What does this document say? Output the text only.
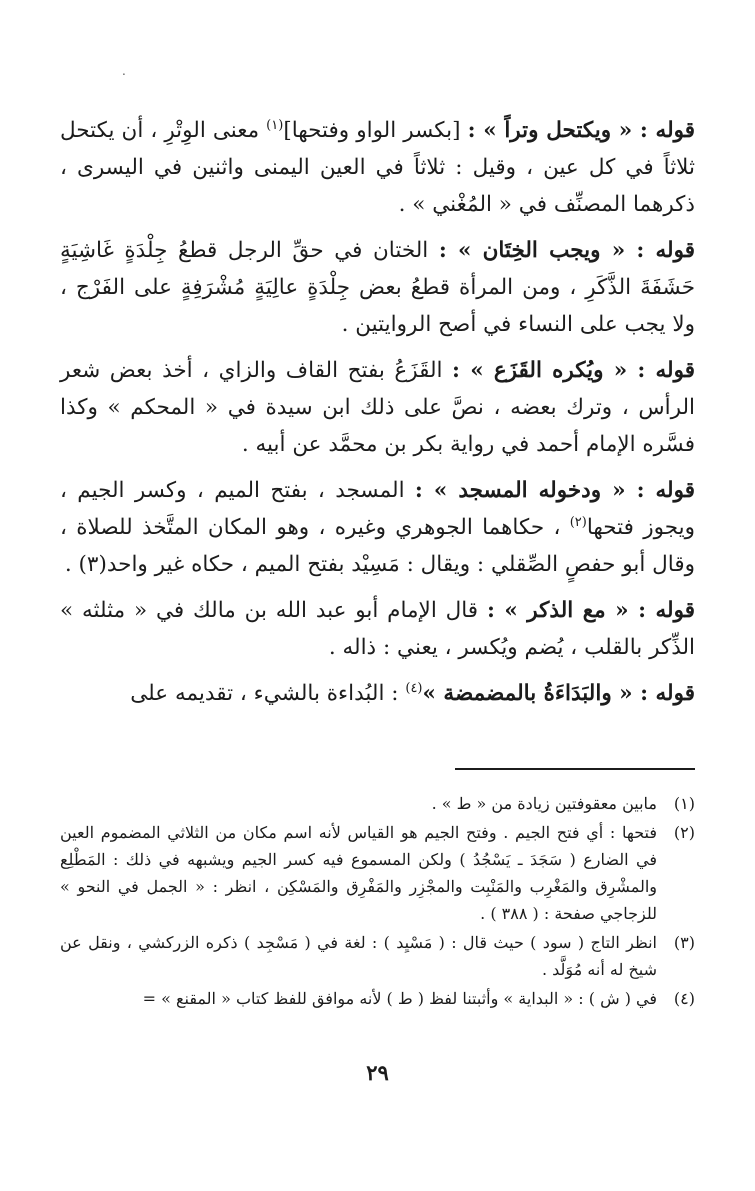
.

قوله : « ويكتحل وتراً » : [بكسر الواو وفتحها]$^{(١)}$ معنى الوِتْرِ ، أن يكتحل ثلاثاً في كل عين ، وقيل : ثلاثاً في العين اليمنى واثنين في اليسرى ، ذكرهما المصنِّف في « المُغْني » .

قوله : « ويجب الخِتَان » : الختان في حقِّ الرجل قطعُ جِلْدَةٍ غَاشِيَةٍ حَشَفَةَ الذَّكَرِ ، ومن المرأة قطعُ بعض جِلْدَةٍ عالِيَةٍ مُشْرَفِةٍ على الفَرْج ، ولا يجب على النساء في أصح الروايتين .

قوله : « ويُكره القَزَع » : القَزَعُ بفتح القاف والزاي ، أخذ بعض شعر الرأس ، وترك بعضه ، نصَّ على ذلك ابن سيدة في « المحكم » وكذا فسَّره الإمام أحمد في رواية بكر بن محمَّد عن أبيه .

قوله : « ودخوله المسجد » : المسجد ، بفتح الميم ، وكسر الجيم ، ويجوز فتحها$^{(٢)}$ ، حكاهما الجوهري وغيره ، وهو المكان المتَّخذ للصلاة ، وقال أبو حفصٍ الصِّقلي : ويقال : مَسِيْد بفتح الميم ، حكاه غير واحد(٣) .

قوله : « مع الذكر » : قال الإمام أبو عبد الله بن مالك في « مثلثه » الذِّكر بالقلب ، يُضم ويُكسر ، يعني : ذاله .

قوله : « والبَدَاءَةُ بالمضمضة »$^{(٤)}$ : البُداءة بالشيء ، تقديمه على

(١)
مابين معقوفتين زيادة من « ط » .
(٢)
فتحها : أي فتح الجيم . وفتح الجيم هو القياس لأنه اسم مكان من الثلاثي المضموم العين في الضارع ( سَجَدَ ـ يَسْجُدُ ) ولكن المسموع فيه كسر الجيم ويشبهه في ذلك : المَطْلِع والمشْرِق والمَغْرِب والمَنْبِت والمجْزِر والمَفْرِق والمَسْكِن ، انظر : « الجمل في النحو » للزجاجي صفحة : ( ٣٨٨ ) .
(٣)
انظر التاج ( سود ) حيث قال : ( مَسْيِد ) : لغة في ( مَسْجِد ) ذكره الزركشي ، ونقل عن شيخ له أنه مُوَلَّد .
(٤)
في ( ش ) : « البداية » وأثبتنا لفظ ( ط ) لأنه موافق للفظ كتاب « المقنع » =
٢٩
